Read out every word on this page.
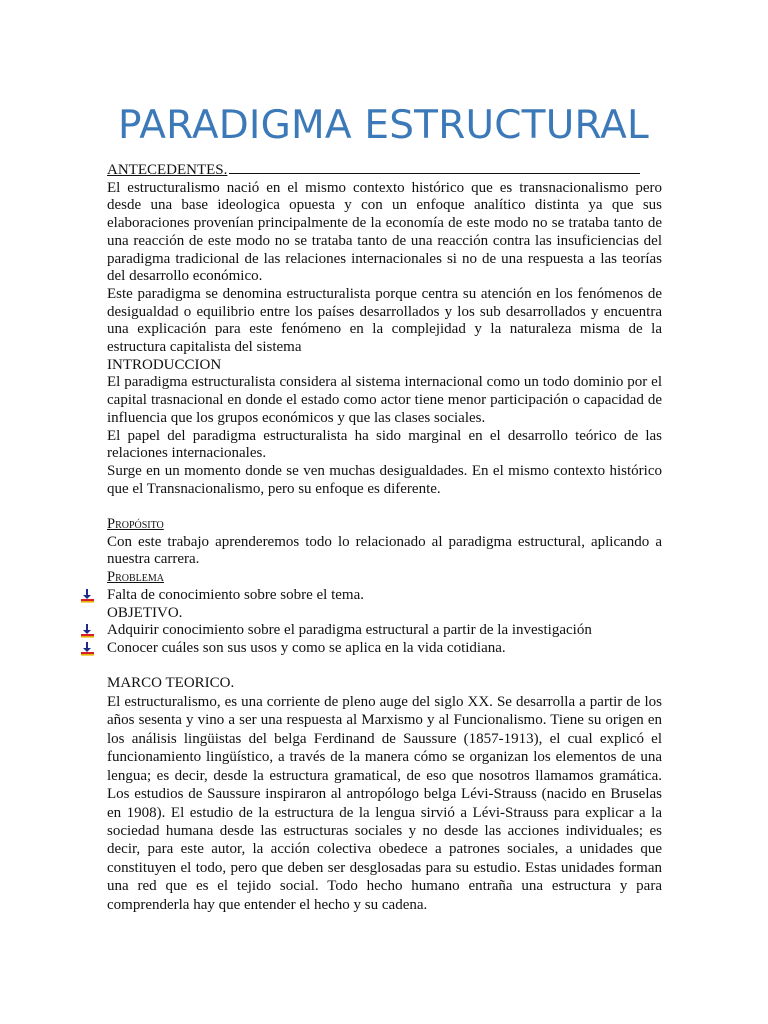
PARADIGMA ESTRUCTURAL

ANTECEDENTES.

El estructuralismo nació en el mismo contexto histórico que es transnacionalismo pero desde una base ideologica opuesta y con un enfoque analítico distinta ya que sus elaboraciones provenían principalmente de la economía de este modo no se trataba tanto de una reacción de este modo no se trataba tanto de una reacción contra las insuficiencias del paradigma tradicional de las relaciones internacionales si no de una respuesta a las teorías del desarrollo económico.

Este paradigma se denomina estructuralista porque centra su atención en los fenómenos de desigualdad o equilibrio entre los países desarrollados y los sub desarrollados y encuentra una explicación para este fenómeno en la complejidad y la naturaleza misma de la estructura capitalista del sistema

INTRODUCCION

El paradigma estructuralista considera al sistema internacional como un todo dominio por el capital trasnacional en donde el estado como actor tiene menor participación o capacidad de influencia que los grupos económicos y que las clases sociales.

El papel del paradigma estructuralista ha sido marginal en el desarrollo teórico de las relaciones internacionales.

Surge en un momento donde se ven muchas desigualdades. En el mismo contexto histórico que el Transnacionalismo, pero su enfoque es diferente.

Propósito

Con este trabajo aprenderemos todo lo relacionado al paradigma estructural, aplicando a nuestra carrera.

Problema

Falta de conocimiento sobre sobre el tema.

OBJETIVO.

Adquirir conocimiento sobre el paradigma estructural a partir de la investigación

Conocer cuáles son sus usos y como se aplica en la vida cotidiana.

MARCO TEORICO.

El estructuralismo, es una corriente de pleno auge del siglo XX. Se desarrolla a partir de los años sesenta y vino a ser una respuesta al Marxismo y al Funcionalismo. Tiene su origen en los análisis lingüistas del belga Ferdinand de Saussure (1857-1913), el cual explicó el funcionamiento lingüístico, a través de la manera cómo se organizan los elementos de una lengua; es decir, desde la estructura gramatical, de eso que nosotros llamamos gramática. Los estudios de Saussure inspiraron al antropólogo belga Lévi-Strauss (nacido en Bruselas en 1908). El estudio de la estructura de la lengua sirvió a Lévi-Strauss para explicar a la sociedad humana desde las estructuras sociales y no desde las acciones individuales; es decir, para este autor, la acción colectiva obedece a patrones sociales, a unidades que constituyen el todo, pero que deben ser desglosadas para su estudio. Estas unidades forman una red que es el tejido social. Todo hecho humano entraña una estructura y para comprenderla hay que entender el hecho y su cadena.
